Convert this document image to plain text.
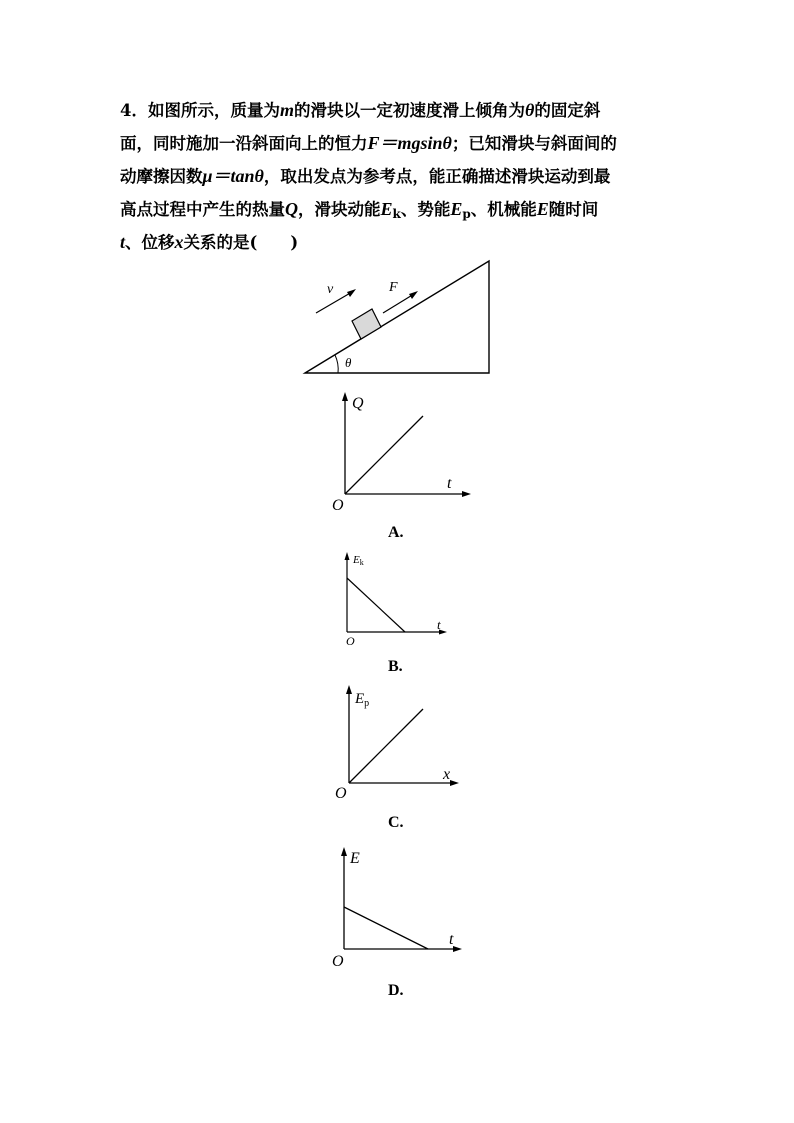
4．如图所示，质量为m的滑块以一定初速度滑上倾角为θ的固定斜
面，同时施加一沿斜面向上的恒力F＝mgsinθ；已知滑块与斜面间的
动摩擦因数μ＝tanθ，取出发点为参考点，能正确描述滑块运动到最
高点过程中产生的热量Q，滑块动能$E_k$、势能$E_p$、机械能E随时间
t、位移x关系的是(　　)
v	F
θ
Q
t
O
A.
Ek
t
O
B.
$E_p$
x
O
C.
E
t
O
D.
